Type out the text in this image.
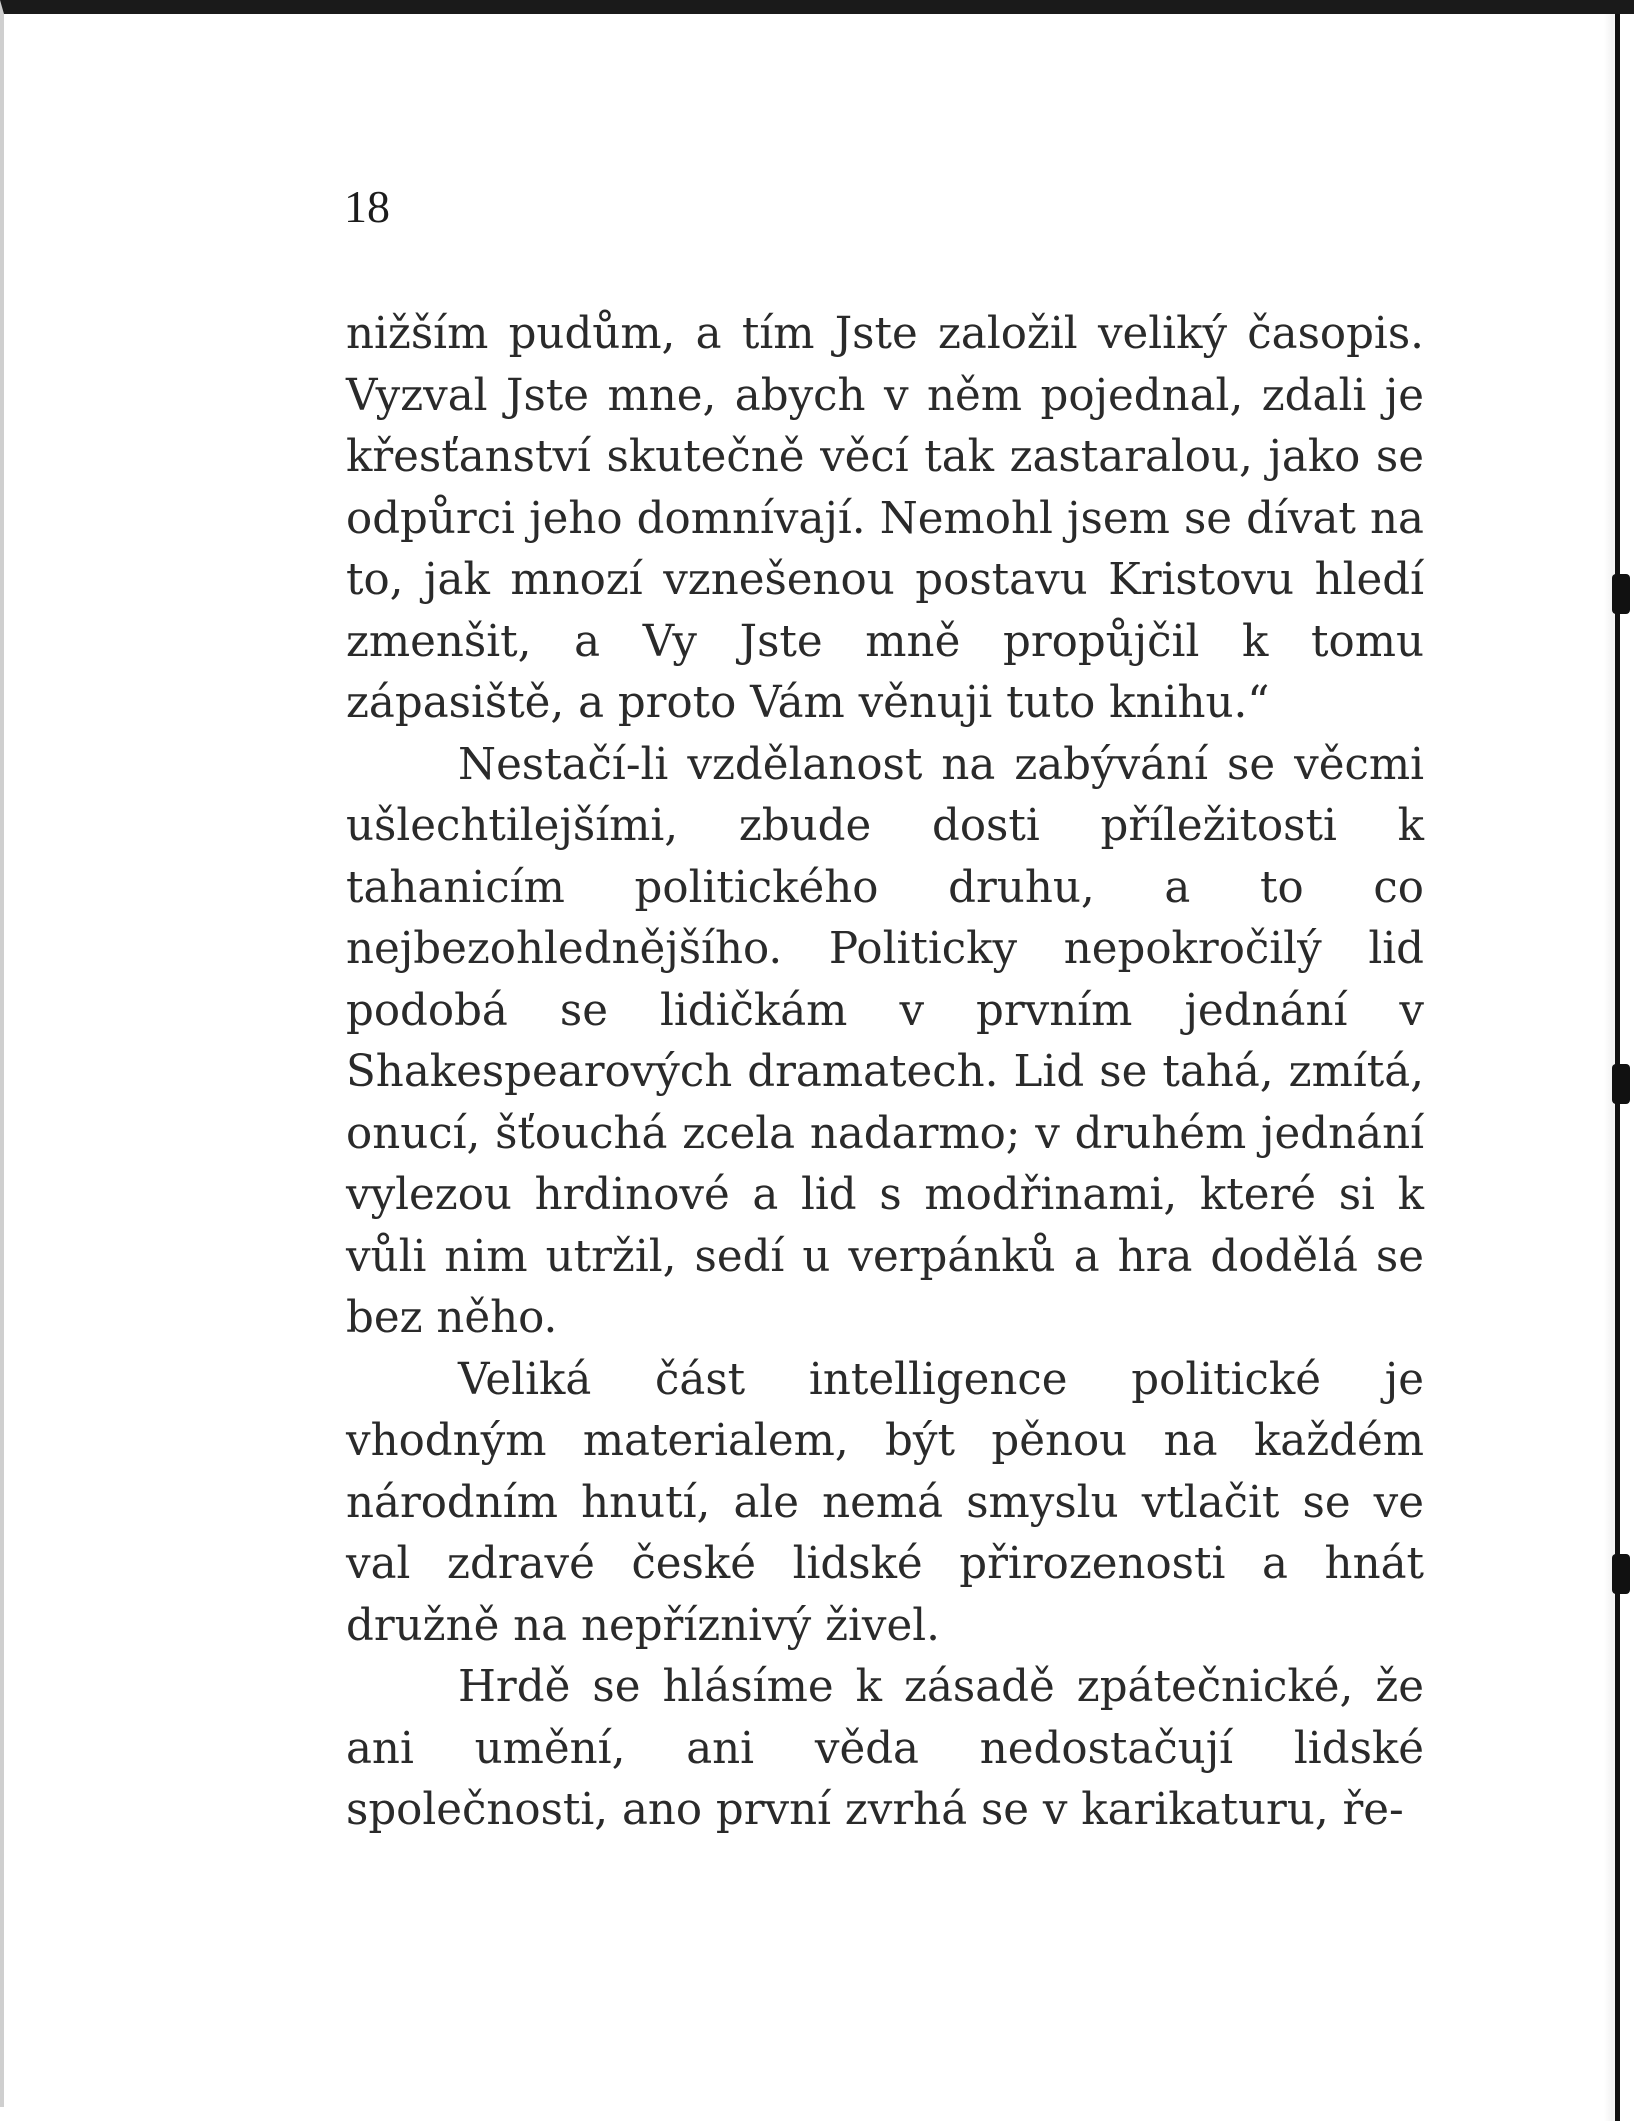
18

nižším pudům, a tím Jste založil veliký časopis. Vyzval Jste mne, abych v něm pojednal, zdali je křesťanství skutečně věcí tak zastaralou, jako se odpůrci jeho domnívají. Nemohl jsem se dívat na to, jak mnozí vznešenou postavu Kristovu hledí zmenšit, a Vy Jste mně propůjčil k tomu zápasiště, a proto Vám věnuji tuto knihu.“

Nestačí-li vzdělanost na zabývání se věcmi ušlechtilejšími, zbude dosti příležitosti k tahanicím politického druhu, a to co nejbezohlednějšího. Politicky nepokročilý lid podobá se lidičkám v prvním jednání v Shakespearových dramatech. Lid se tahá, zmítá, onucí, šťouchá zcela nadarmo; v druhém jednání vylezou hrdinové a lid s modřinami, které si k vůli nim utržil, sedí u verpánků a hra dodělá se bez něho.

Veliká část intelligence politické je vhodným materialem, být pěnou na každém národním hnutí, ale nemá smyslu vtlačit se ve val zdravé české lidské přirozenosti a hnát družně na nepříznivý živel.

Hrdě se hlásíme k zásadě zpátečnické, že ani umění, ani věda nedostačují lidské společnosti, ano první zvrhá se v karikaturu, ře-
